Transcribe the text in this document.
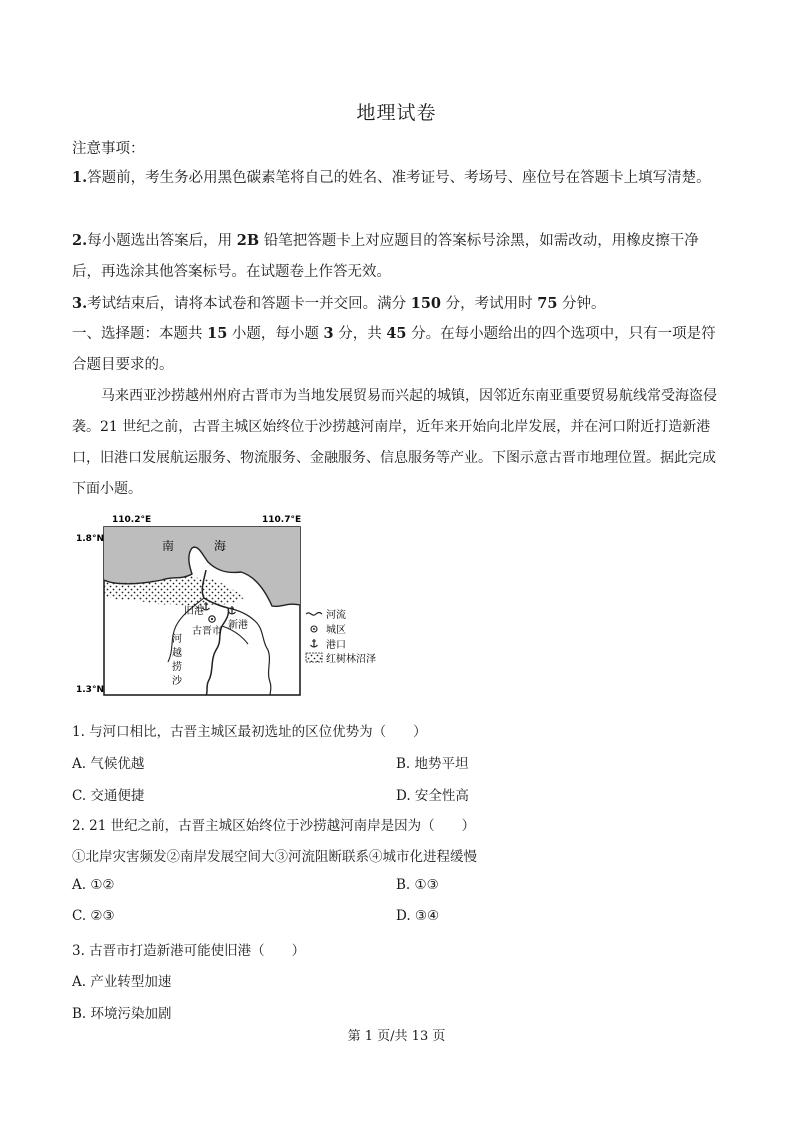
地理试卷
注意事项：
1.答题前，考生务必用黑色碳素笔将自己的姓名、准考证号、考场号、座位号在答题卡上填写清楚。
2.每小题选出答案后，用 2B 铅笔把答题卡上对应题目的答案标号涂黑，如需改动，用橡皮擦干净后，再选涂其他答案标号。在试题卷上作答无效。
3.考试结束后，请将本试卷和答题卡一并交回。满分 150 分，考试用时 75 分钟。
一、选择题：本题共 15 小题，每小题 3 分，共 45 分。在每小题给出的四个选项中，只有一项是符合题目要求的。
马来西亚沙捞越州州府古晋市为当地发展贸易而兴起的城镇，因邻近东南亚重要贸易航线常受海盗侵袭。21 世纪之前，古晋主城区始终位于沙捞越河南岸，近年来开始向北岸发展，并在河口附近打造新港口，旧港口发展航运服务、物流服务、金融服务、信息服务等产业。下图示意古晋市地理位置。据此完成下面小题。
110.2°E	110.7°E
1.8°N
1.3°N
南	海
旧港
新港
古晋市
河
越
捞
沙
河流
城区
港口
红树林沼泽
1. 与河口相比，古晋主城区最初选址的区位优势为（　　）
A. 气候优越	B. 地势平坦
C. 交通便捷	D. 安全性高
2. 21 世纪之前，古晋主城区始终位于沙捞越河南岸是因为（　　）
①北岸灾害频发②南岸发展空间大③河流阻断联系④城市化进程缓慢
A. ①②	B. ①③
C. ②③	D. ③④
3. 古晋市打造新港可能使旧港（　　）
A. 产业转型加速
B. 环境污染加剧
第 1 页/共 13 页
